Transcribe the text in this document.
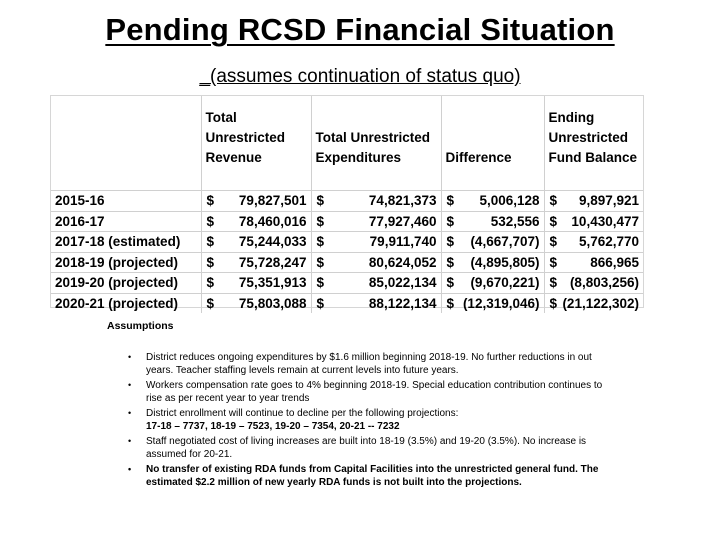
Pending RCSD Financial Situation
_(assumes continuation of status quo)
	Total Unrestricted Revenue	Total Unrestricted Expenditures	Difference	Ending Unrestricted Fund Balance

2015-16	$ 79,827,501	$ 74,821,373	$ 5,006,128	$ 9,897,921

2016-17	$ 78,460,016	$ 77,927,460	$ 532,556	$ 10,430,477

2017-18 (estimated)	$ 75,244,033	$ 79,911,740	$ (4,667,707)	$ 5,762,770

2018-19 (projected)	$ 75,728,247	$ 80,624,052	$ (4,895,805)	$ 866,965

2019-20 (projected)	$ 75,351,913	$ 85,022,134	$ (9,670,221)	$ (8,803,256)

2020-21 (projected)	$ 75,803,088	$ 88,122,134	$ (12,319,046)	$ (21,122,302)
Assumptions
• District reduces ongoing expenditures by $1.6 million beginning 2018-19. No further reductions in out years. Teacher staffing levels remain at current levels into future years.
• Workers compensation rate goes to 4% beginning 2018-19. Special education contribution continues to rise as per recent year to year trends
• District enrollment will continue to decline per the following projections:
17-18 – 7737, 18-19 – 7523, 19-20 – 7354, 20-21 -- 7232
• Staff negotiated cost of living increases are built into 18-19 (3.5%) and 19-20 (3.5%). No increase is assumed for 20-21.
• No transfer of existing RDA funds from Capital Facilities into the unrestricted general fund. The estimated $2.2 million of new yearly RDA funds is not built into the projections.
